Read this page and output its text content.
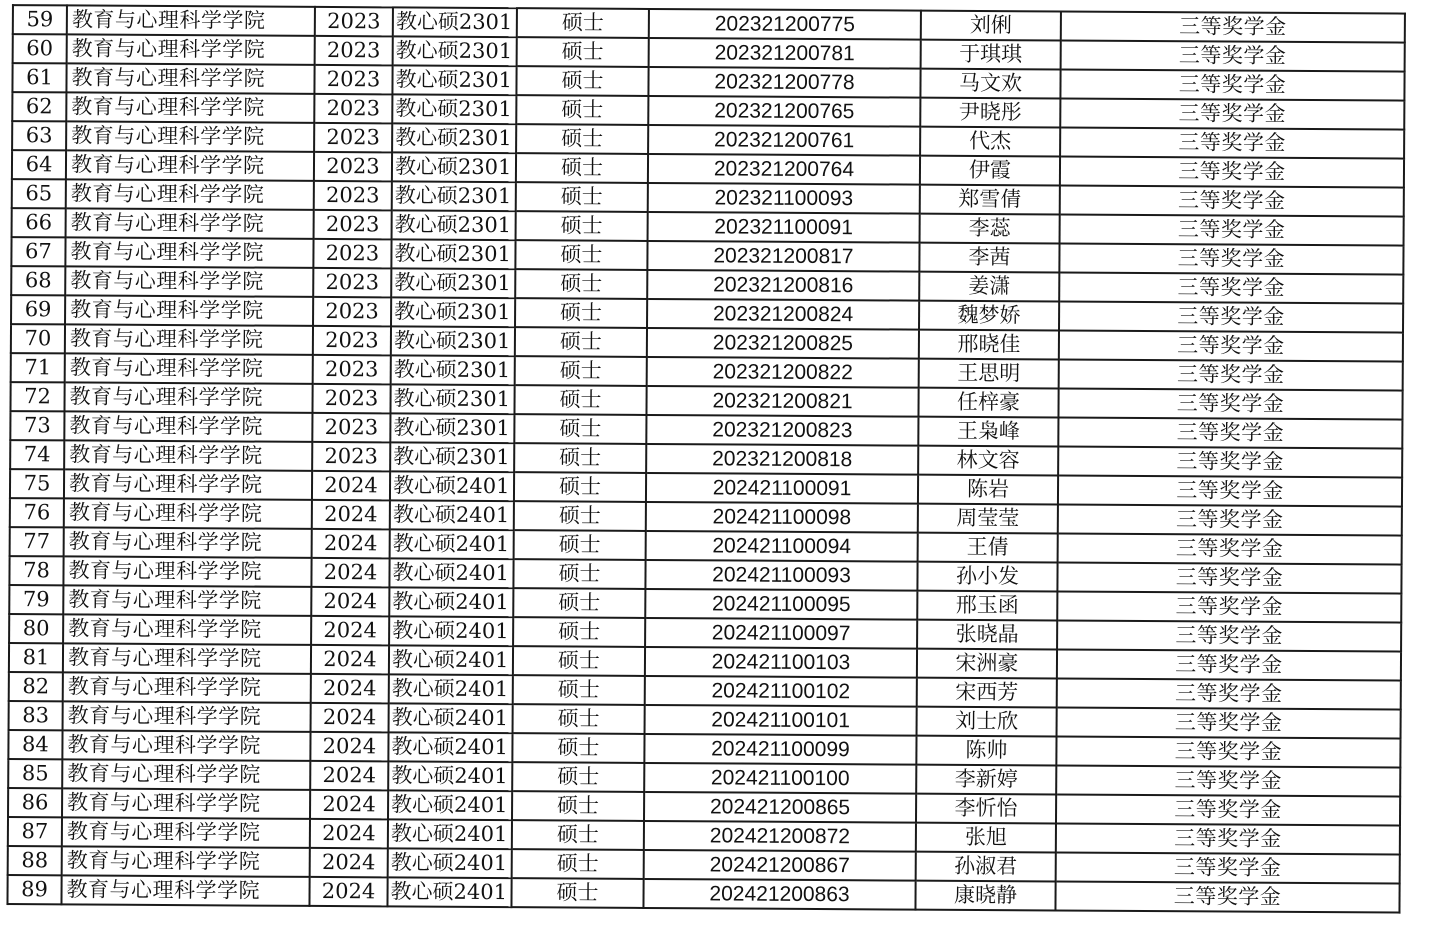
59	教育与心理科学学院	2023	教心硕2301	硕士	202321200775	刘俐	三等奖学金
60	教育与心理科学学院	2023	教心硕2301	硕士	202321200781	于琪琪	三等奖学金
61	教育与心理科学学院	2023	教心硕2301	硕士	202321200778	马文欢	三等奖学金
62	教育与心理科学学院	2023	教心硕2301	硕士	202321200765	尹晓彤	三等奖学金
63	教育与心理科学学院	2023	教心硕2301	硕士	202321200761	代杰	三等奖学金
64	教育与心理科学学院	2023	教心硕2301	硕士	202321200764	伊霞	三等奖学金
65	教育与心理科学学院	2023	教心硕2301	硕士	202321100093	郑雪倩	三等奖学金
66	教育与心理科学学院	2023	教心硕2301	硕士	202321100091	李蕊	三等奖学金
67	教育与心理科学学院	2023	教心硕2301	硕士	202321200817	李茜	三等奖学金
68	教育与心理科学学院	2023	教心硕2301	硕士	202321200816	姜潇	三等奖学金
69	教育与心理科学学院	2023	教心硕2301	硕士	202321200824	魏梦娇	三等奖学金
70	教育与心理科学学院	2023	教心硕2301	硕士	202321200825	邢晓佳	三等奖学金
71	教育与心理科学学院	2023	教心硕2301	硕士	202321200822	王思明	三等奖学金
72	教育与心理科学学院	2023	教心硕2301	硕士	202321200821	任梓豪	三等奖学金
73	教育与心理科学学院	2023	教心硕2301	硕士	202321200823	王枭峰	三等奖学金
74	教育与心理科学学院	2023	教心硕2301	硕士	202321200818	林文容	三等奖学金
75	教育与心理科学学院	2024	教心硕2401	硕士	202421100091	陈岩	三等奖学金
76	教育与心理科学学院	2024	教心硕2401	硕士	202421100098	周莹莹	三等奖学金
77	教育与心理科学学院	2024	教心硕2401	硕士	202421100094	王倩	三等奖学金
78	教育与心理科学学院	2024	教心硕2401	硕士	202421100093	孙小发	三等奖学金
79	教育与心理科学学院	2024	教心硕2401	硕士	202421100095	邢玉函	三等奖学金
80	教育与心理科学学院	2024	教心硕2401	硕士	202421100097	张晓晶	三等奖学金
81	教育与心理科学学院	2024	教心硕2401	硕士	202421100103	宋洲豪	三等奖学金
82	教育与心理科学学院	2024	教心硕2401	硕士	202421100102	宋西芳	三等奖学金
83	教育与心理科学学院	2024	教心硕2401	硕士	202421100101	刘士欣	三等奖学金
84	教育与心理科学学院	2024	教心硕2401	硕士	202421100099	陈帅	三等奖学金
85	教育与心理科学学院	2024	教心硕2401	硕士	202421100100	李新婷	三等奖学金
86	教育与心理科学学院	2024	教心硕2401	硕士	202421200865	李忻怡	三等奖学金
87	教育与心理科学学院	2024	教心硕2401	硕士	202421200872	张旭	三等奖学金
88	教育与心理科学学院	2024	教心硕2401	硕士	202421200867	孙淑君	三等奖学金
89	教育与心理科学学院	2024	教心硕2401	硕士	202421200863	康晓静	三等奖学金
